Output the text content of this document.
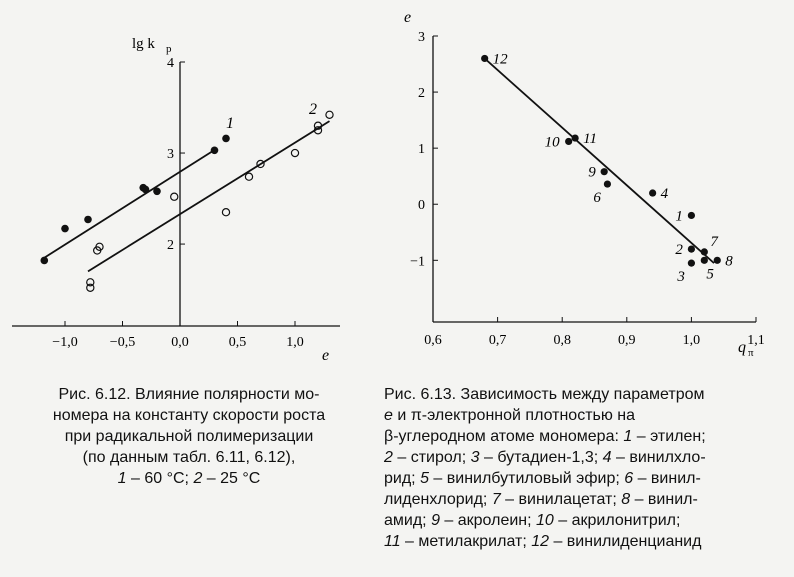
−1,0 −0,5	0,0	0,5	1,0
2
3
4
lg k p
e
1
2
0,6	0,7	0,8	0,9	1,0	1,1
−1
0
1
2
3
e
q π
1
2
3
4
5
6
7
8
9
10 11
12

Рис. 6.12. Влияние полярности мо-

номера на константу скорости роста

при радикальной полимеризации

(по данным табл. 6.11, 6.12),

1 – 60 °С; 2 – 25 °С

Рис. 6.13. Зависимость между параметром

e и π-электронной плотностью на

β-углеродном атоме мономера: 1 – этилен;

2 – стирол; 3 – бутадиен-1,3; 4 – винилхло-

рид; 5 – винилбутиловый эфир; 6 – винил-

лиденхлорид; 7 – винилацетат; 8 – винил-

амид; 9 – акролеин; 10 – акрилонитрил;

11 – метилакрилат; 12 – винилиденцианид
